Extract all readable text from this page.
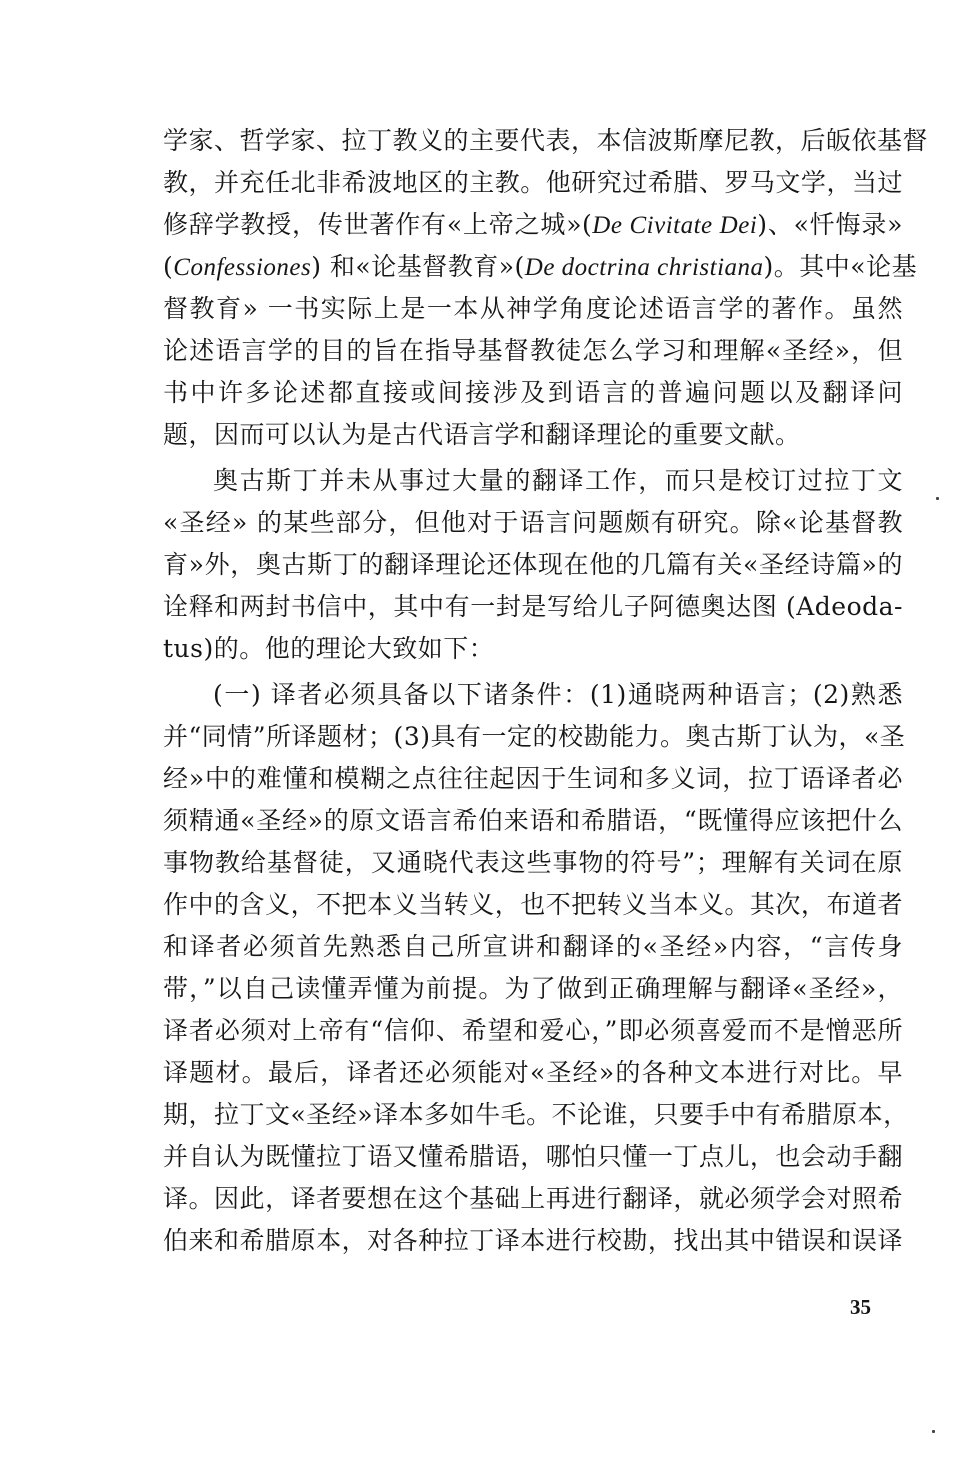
学家、哲学家、拉丁教义的主要代表，本信波斯摩尼教，后皈依基督
教，并充任北非希波地区的主教。他研究过希腊、罗马文学，当过
修辞学教授，传世著作有«上帝之城»(De Civitate Dei)、«忏悔录»
(Confessiones) 和«论基督教育»(De doctrina christiana)。其中«论基
督教育» 一书实际上是一本从神学角度论述语言学的著作。虽然
论述语言学的目的旨在指导基督教徒怎么学习和理解«圣经»，但
书中许多论述都直接或间接涉及到语言的普遍问题以及翻译问
题，因而可以认为是古代语言学和翻译理论的重要文献。
奥古斯丁并未从事过大量的翻译工作，而只是校订过拉丁文
«圣经» 的某些部分，但他对于语言问题颇有研究。除«论基督教
育»外，奥古斯丁的翻译理论还体现在他的几篇有关«圣经诗篇»的
诠释和两封书信中，其中有一封是写给儿子阿德奥达图 (Adeoda-
tus)的。他的理论大致如下：
(一) 译者必须具备以下诸条件：(1)通晓两种语言；(2)熟悉
并“同情”所译题材；(3)具有一定的校勘能力。奥古斯丁认为，«圣
经»中的难懂和模糊之点往往起因于生词和多义词，拉丁语译者必
须精通«圣经»的原文语言希伯来语和希腊语，“既懂得应该把什么
事物教给基督徒，又通晓代表这些事物的符号”；理解有关词在原
作中的含义，不把本义当转义，也不把转义当本义。其次，布道者
和译者必须首先熟悉自己所宣讲和翻译的«圣经»内容，“言传身
带，”以自己读懂弄懂为前提。为了做到正确理解与翻译«圣经»，
译者必须对上帝有“信仰、希望和爱心，”即必须喜爱而不是憎恶所
译题材。最后，译者还必须能对«圣经»的各种文本进行对比。早
期，拉丁文«圣经»译本多如牛毛。不论谁，只要手中有希腊原本，
并自认为既懂拉丁语又懂希腊语，哪怕只懂一丁点儿，也会动手翻
译。因此，译者要想在这个基础上再进行翻译，就必须学会对照希
伯来和希腊原本，对各种拉丁译本进行校勘，找出其中错误和误译
35
